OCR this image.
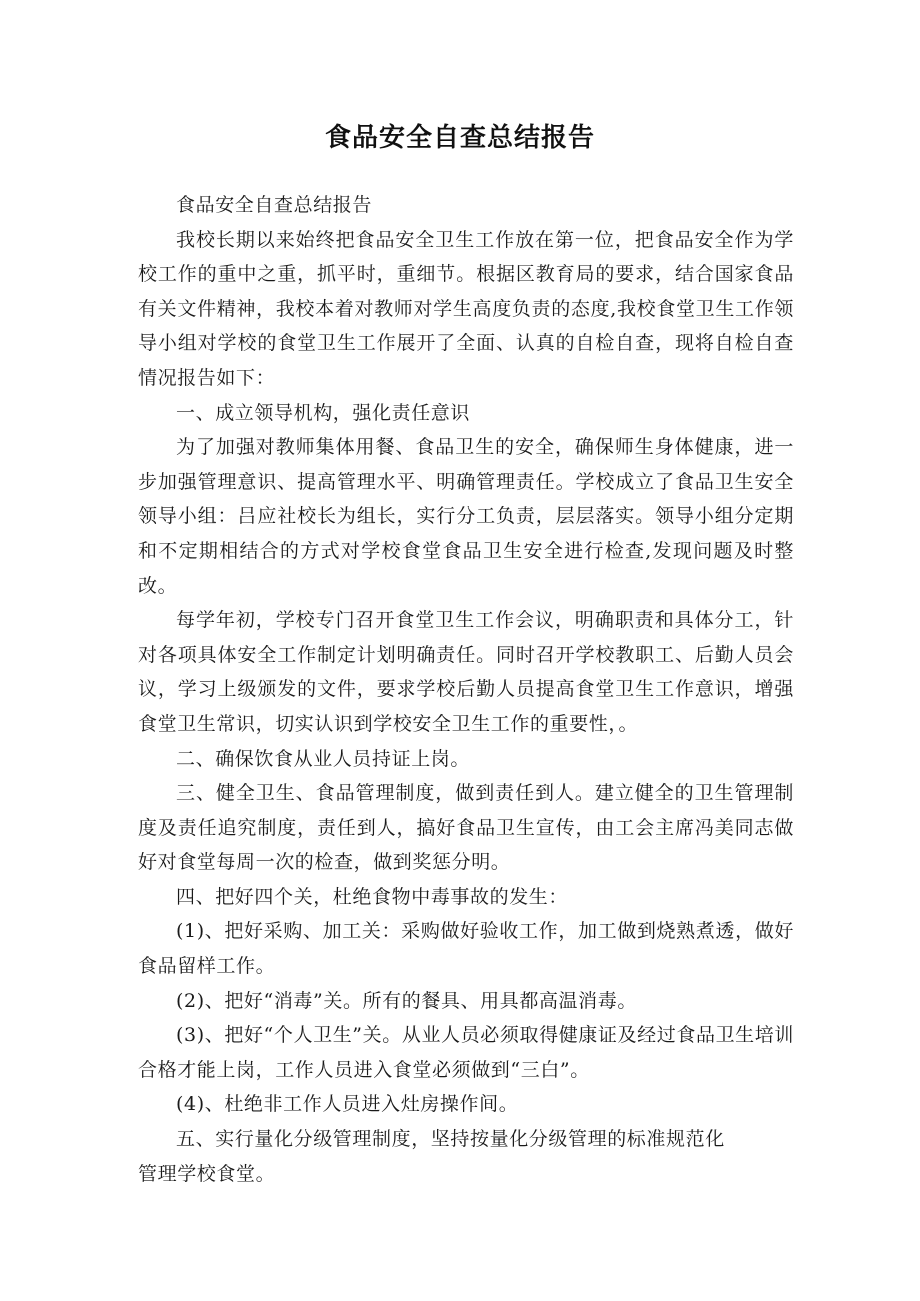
食品安全自查总结报告

食品安全自查总结报告

我校长期以来始终把食品安全卫生工作放在第一位，把食品安全作为学校工作的重中之重，抓平时，重细节。根据区教育局的要求，结合国家食品有关文件精神，我校本着对教师对学生高度负责的态度,我校食堂卫生工作领导小组对学校的食堂卫生工作展开了全面、认真的自检自查，现将自检自查情况报告如下：

一、成立领导机构，强化责任意识

为了加强对教师集体用餐、食品卫生的安全，确保师生身体健康，进一步加强管理意识、提高管理水平、明确管理责任。学校成立了食品卫生安全领导小组：吕应社校长为组长，实行分工负责，层层落实。领导小组分定期和不定期相结合的方式对学校食堂食品卫生安全进行检查,发现问题及时整改。

每学年初，学校专门召开食堂卫生工作会议，明确职责和具体分工，针对各项具体安全工作制定计划明确责任。同时召开学校教职工、后勤人员会议，学习上级颁发的文件，要求学校后勤人员提高食堂卫生工作意识，增强食堂卫生常识，切实认识到学校安全卫生工作的重要性，。

二、确保饮食从业人员持证上岗。

三、健全卫生、食品管理制度，做到责任到人。建立健全的卫生管理制度及责任追究制度，责任到人，搞好食品卫生宣传，由工会主席冯美同志做好对食堂每周一次的检查，做到奖惩分明。

四、把好四个关，杜绝食物中毒事故的发生：

(1)、把好采购、加工关：采购做好验收工作，加工做到烧熟煮透，做好食品留样工作。

(2)、把好“消毒”关。所有的餐具、用具都高温消毒。

(3)、把好“个人卫生”关。从业人员必须取得健康证及经过食品卫生培训合格才能上岗，工作人员进入食堂必须做到“三白”。

(4)、杜绝非工作人员进入灶房操作间。

五、实行量化分级管理制度，坚持按量化分级管理的标准规范化

管理学校食堂。
